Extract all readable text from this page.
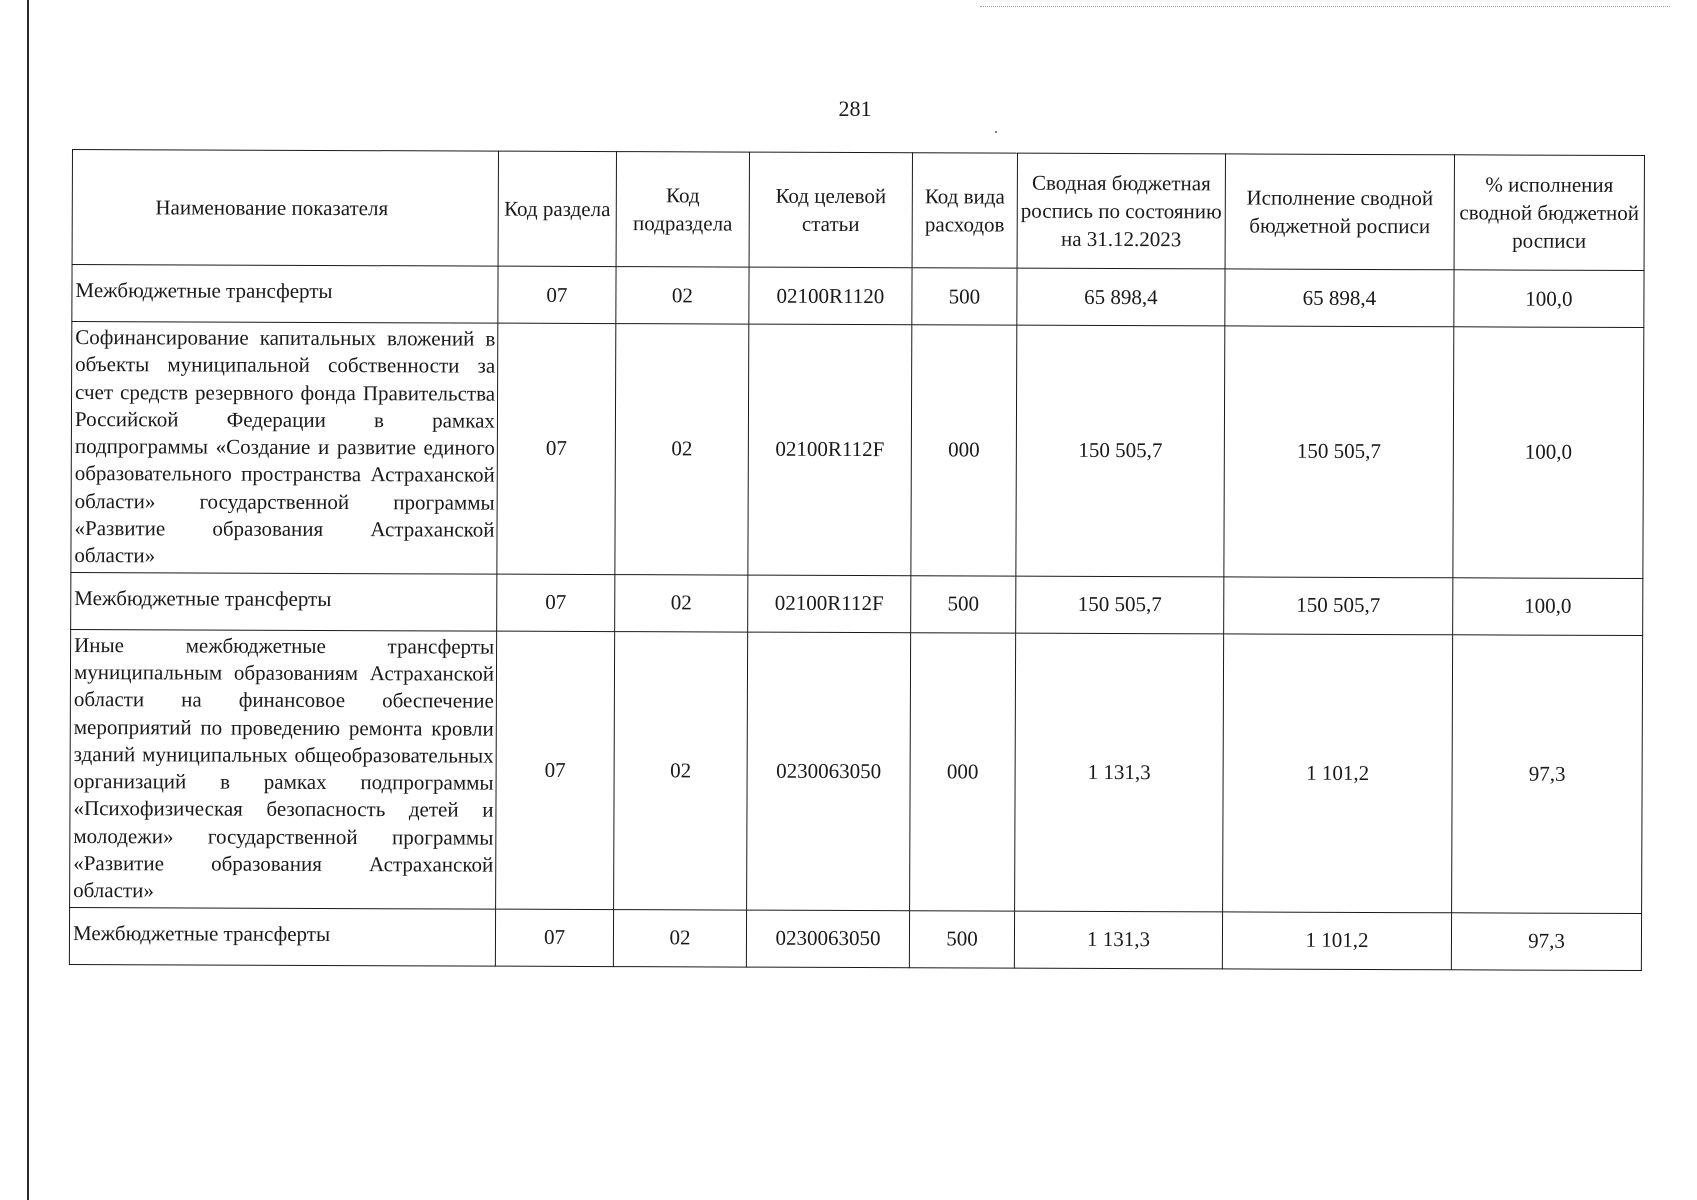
281
Наименование показателя	Код раздела	Код подраздела	Код целевой статьи	Код вида расходов	Сводная бюджетная роспись по состоянию на 31.12.2023	Исполнение сводной бюджетной росписи	% исполнения сводной бюджетной росписи
Межбюджетные трансферты	07	02	02100R1120	500	65 898,4	65 898,4	100,0
Софинансирование капитальных вложений в объекты муниципальной собственности за счет средств резервного фонда Правительства Российской Федерации в рамках подпрограммы «Создание и развитие единого образовательного пространства Астраханской области» государственной программы «Развитие образования Астраханской области»	07	02	02100R112F	000	150 505,7	150 505,7	100,0
Межбюджетные трансферты	07	02	02100R112F	500	150 505,7	150 505,7	100,0
Иные межбюджетные трансферты муниципальным образованиям Астраханской области на финансовое обеспечение мероприятий по проведению ремонта кровли зданий муниципальных общеобразовательных организаций в рамках подпрограммы «Психофизическая безопасность детей и молодежи» государственной программы «Развитие образования Астраханской области»	07	02	0230063050	000	1 131,3	1 101,2	97,3
Межбюджетные трансферты	07	02	0230063050	500	1 131,3	1 101,2	97,3
